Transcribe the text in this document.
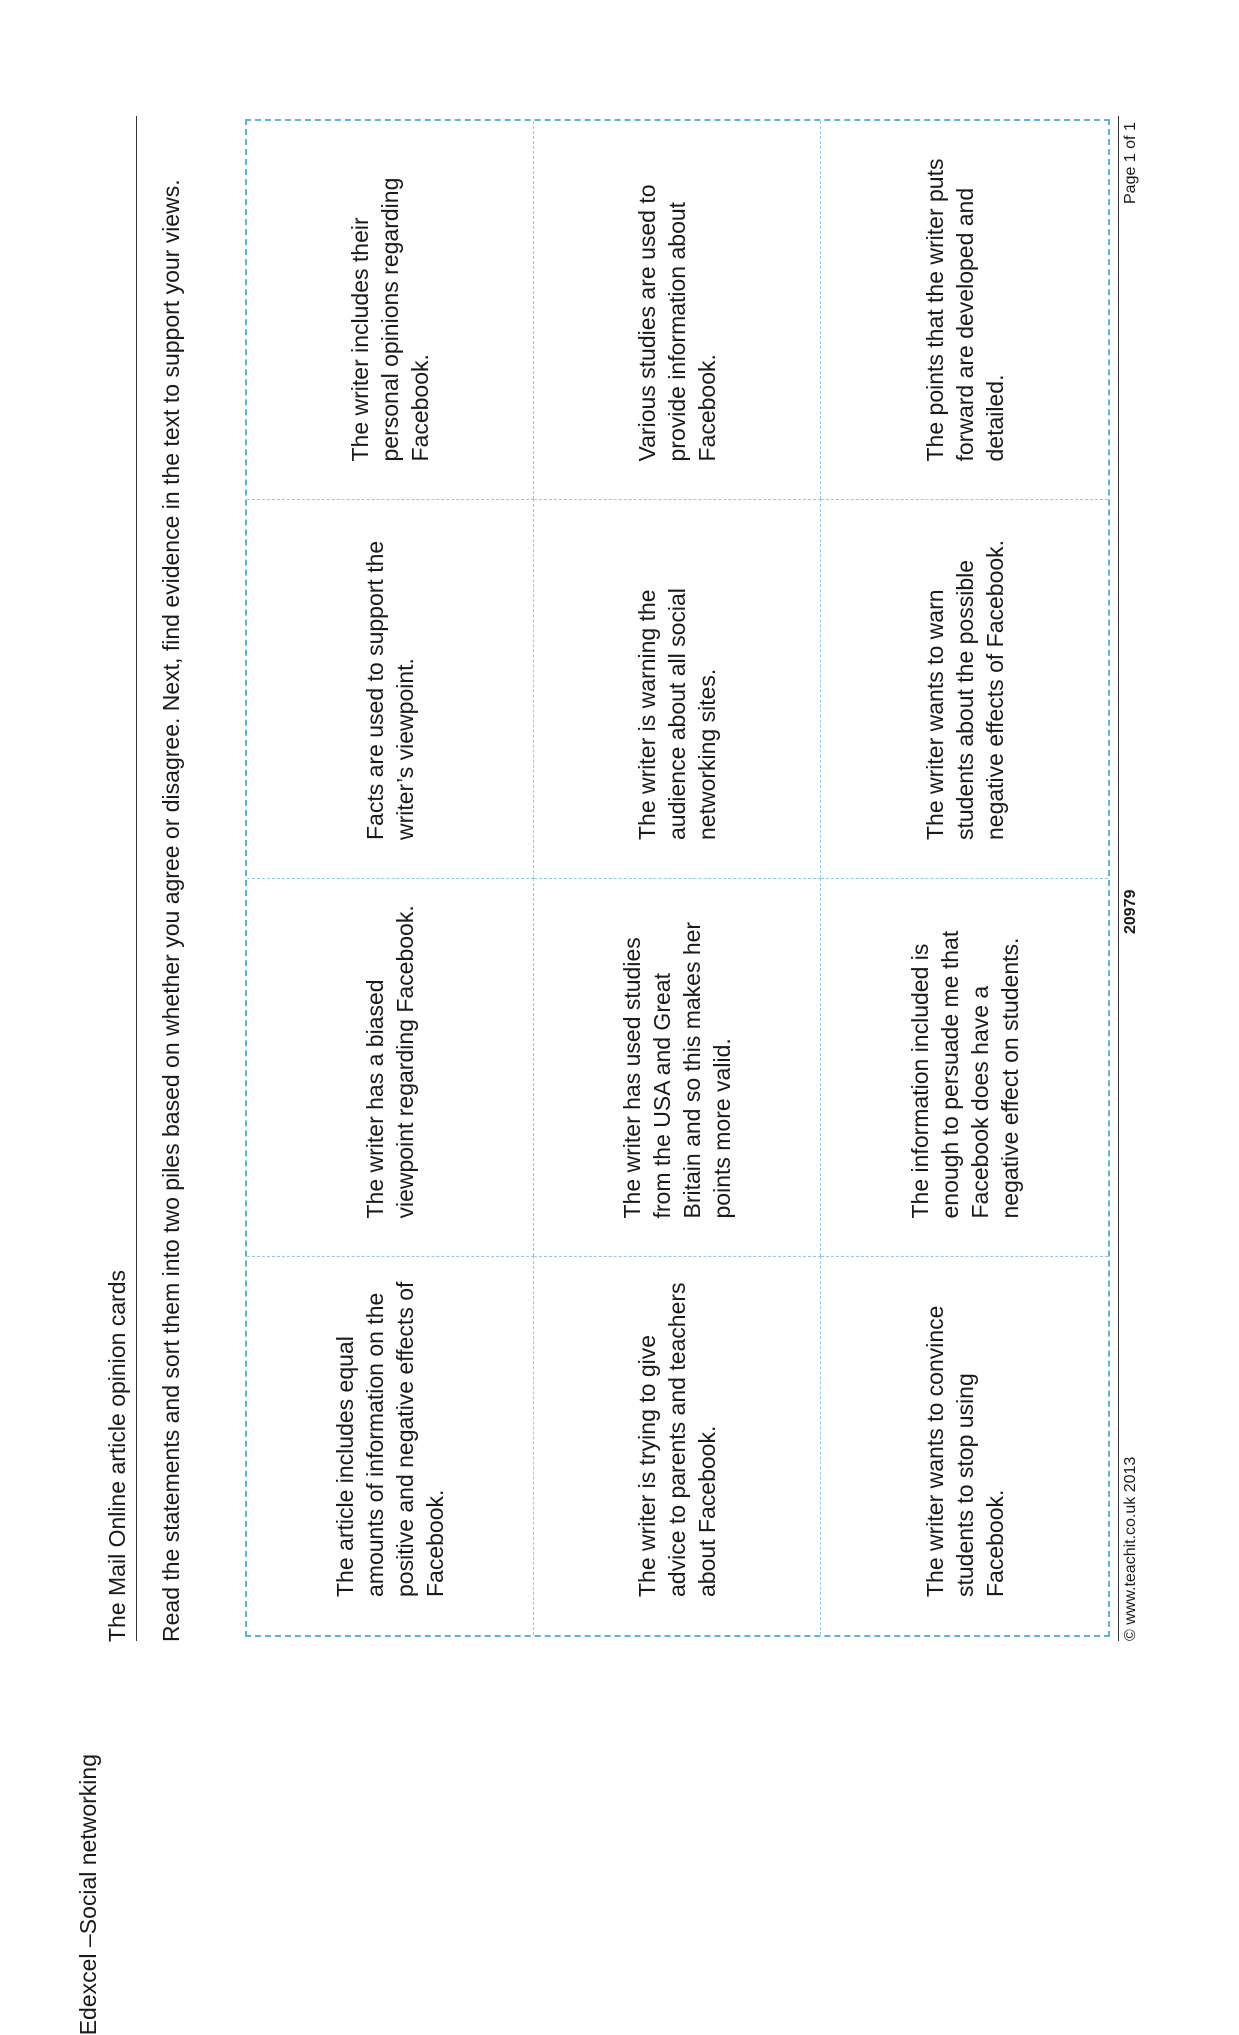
The Mail Online article opinion cards
Edexcel –Social networking
Read the statements and sort them into two piles based on whether you agree or disagree. Next, find evidence in the text to support your views.	The article includes equal amounts of information on the positive and negative effects of Facebook.
The writer has a biased viewpoint regarding Facebook.
Facts are used to support the writer’s viewpoint.
The writer includes their personal opinions regarding Facebook.
The writer is trying to give advice to parents and teachers about Facebook.
The writer has used studies from the USA and Great Britain and so this makes her points more valid.
The writer is warning the audience about all social networking sites.
Various studies are used to provide information about Facebook.
The writer wants to convince students to stop using Facebook.
The information included is enough to persuade me that Facebook does have a negative effect on students.
The writer wants to warn students about the possible negative effects of Facebook.
The points that the writer puts forward are developed and detailed.
© www.teachit.co.uk 2013
20979
Page 1 of 1
